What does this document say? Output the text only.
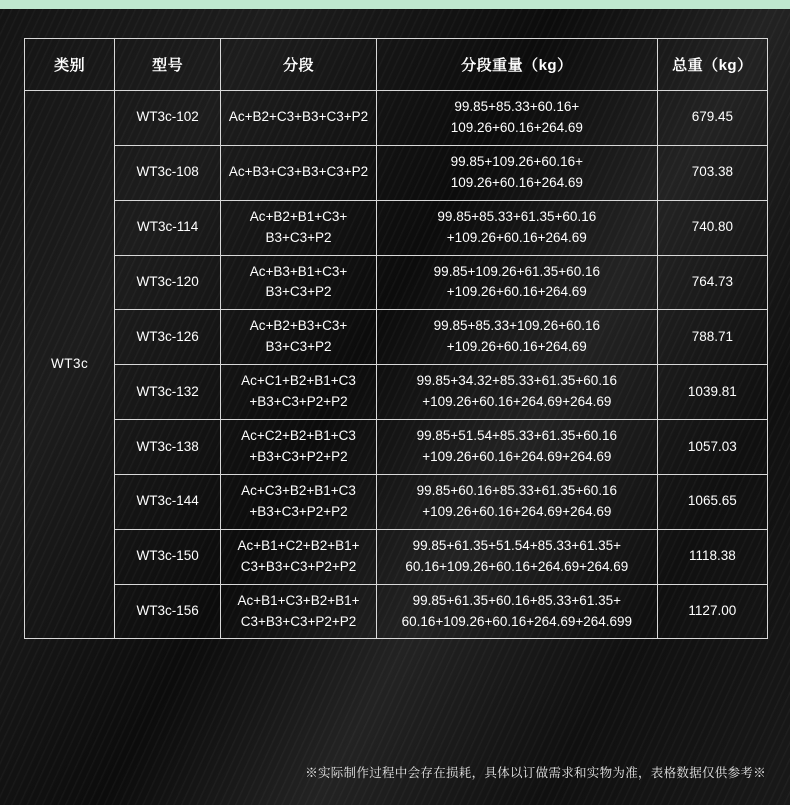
类别	型号	分段	分段重量（kg）	总重（kg）
WT3c	WT3c-102	Ac+B2+C3+B3+C3+P2	99.85+85.33+60.16+
109.26+60.16+264.69	679.45
	WT3c-108	Ac+B3+C3+B3+C3+P2	99.85+109.26+60.16+
109.26+60.16+264.69	703.38
	WT3c-114	Ac+B2+B1+C3+
B3+C3+P2	99.85+85.33+61.35+60.16
+109.26+60.16+264.69	740.80
	WT3c-120	Ac+B3+B1+C3+
B3+C3+P2	99.85+109.26+61.35+60.16
+109.26+60.16+264.69	764.73
	WT3c-126	Ac+B2+B3+C3+
B3+C3+P2	99.85+85.33+109.26+60.16
+109.26+60.16+264.69	788.71
	WT3c-132	Ac+C1+B2+B1+C3
+B3+C3+P2+P2	99.85+34.32+85.33+61.35+60.16
+109.26+60.16+264.69+264.69	1039.81
	WT3c-138	Ac+C2+B2+B1+C3
+B3+C3+P2+P2	99.85+51.54+85.33+61.35+60.16
+109.26+60.16+264.69+264.69	1057.03
	WT3c-144	Ac+C3+B2+B1+C3
+B3+C3+P2+P2	99.85+60.16+85.33+61.35+60.16
+109.26+60.16+264.69+264.69	1065.65
	WT3c-150	Ac+B1+C2+B2+B1+
C3+B3+C3+P2+P2	99.85+61.35+51.54+85.33+61.35+
60.16+109.26+60.16+264.69+264.69	1118.38
	WT3c-156	Ac+B1+C3+B2+B1+
C3+B3+C3+P2+P2	99.85+61.35+60.16+85.33+61.35+
60.16+109.26+60.16+264.69+264.699	1127.00
※实际制作过程中会存在损耗，具体以订做需求和实物为准，表格数据仅供参考※
